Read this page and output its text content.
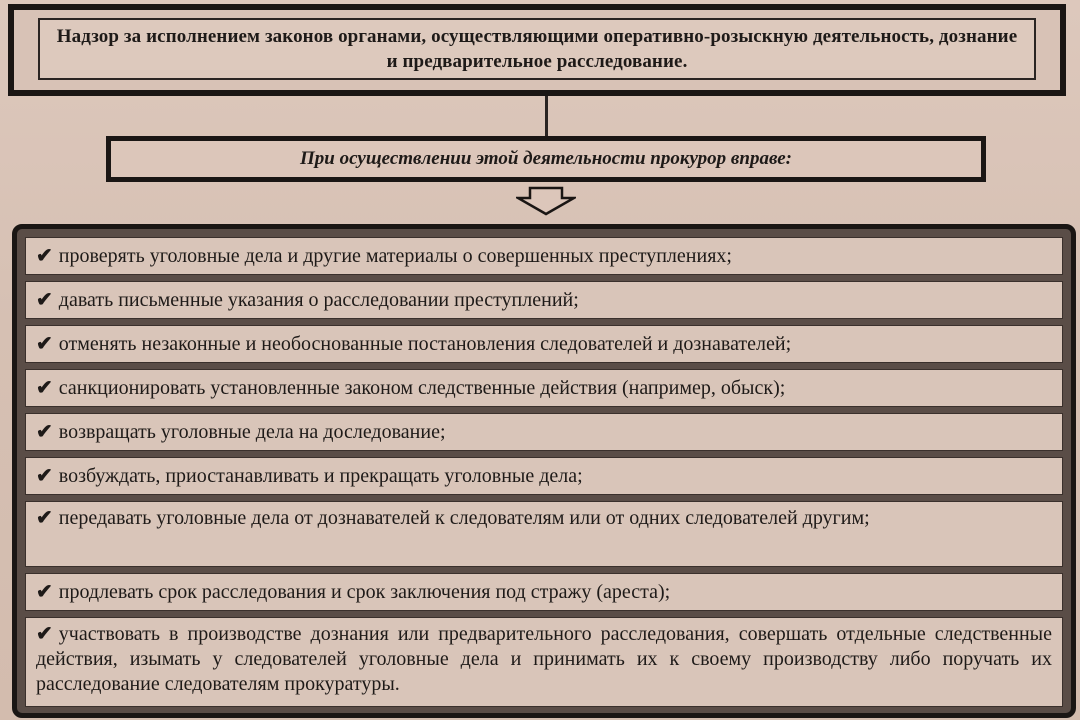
Надзор за исполнением законов органами, осуществляющими оперативно-розыскную деятельность, дознание и предварительное расследование.
При осуществлении этой деятельности прокурор вправе:
✔ проверять уголовные дела и другие материалы о совершенных преступлениях;
✔ давать письменные указания о расследовании преступлений;
✔ отменять незаконные и необоснованные постановления следователей и дознавателей;
✔ санкционировать установленные законом следственные действия (например, обыск);
✔ возвращать уголовные дела на доследование;
✔ возбуждать, приостанавливать и прекращать уголовные дела;
✔ передавать уголовные дела от дознавателей к следователям или от одних следователей другим;
✔ продлевать срок расследования и срок заключения под стражу (ареста);
✔ участвовать в производстве дознания или предварительного расследования, совершать отдельные следственные действия, изымать у следователей уголовные дела и принимать их к своему производству либо поручать их расследование следователям прокуратуры.
